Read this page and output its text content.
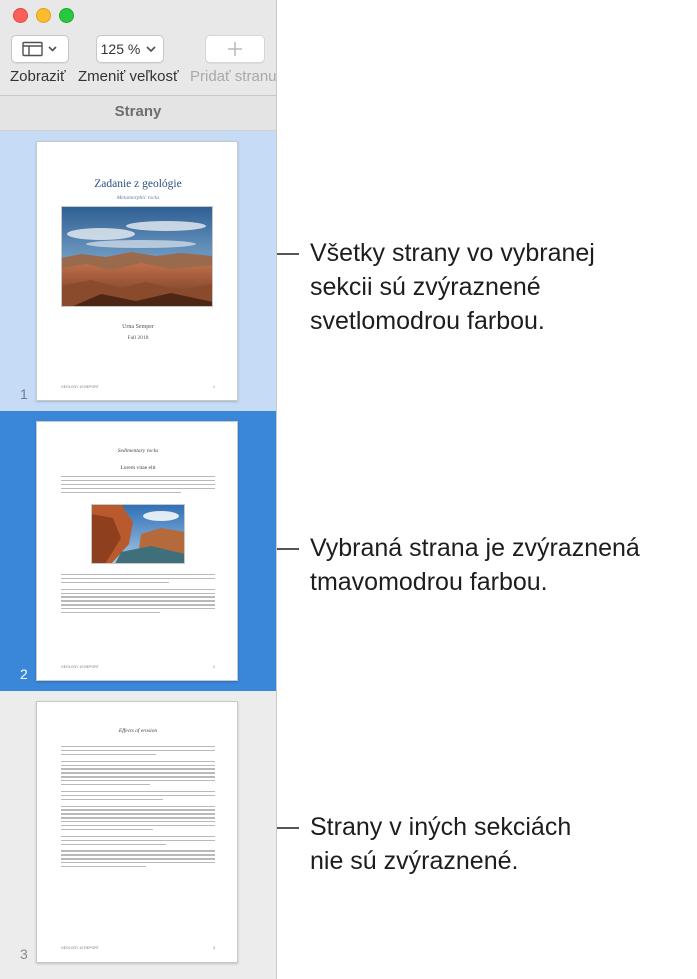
Zobraziť
125 %
Zmeniť veľkosť Pridať stranu
Strany
Zadanie z geológie
Metamorphic rocks
Urna Semper
Fall 2018
GEOLOGY 10 REPORT	1
1
Sedimentary rocks
Lorem vitae elit
GEOLOGY 10 REPORT	2
2
Effects of erosion
GEOLOGY 10 REPORT	3
3
Všetky strany vo vybranej
sekcii sú zvýraznené
svetlomodrou farbou.
Vybraná strana je zvýraznená
tmavomodrou farbou.
Strany v iných sekciách
nie sú zvýraznené.
